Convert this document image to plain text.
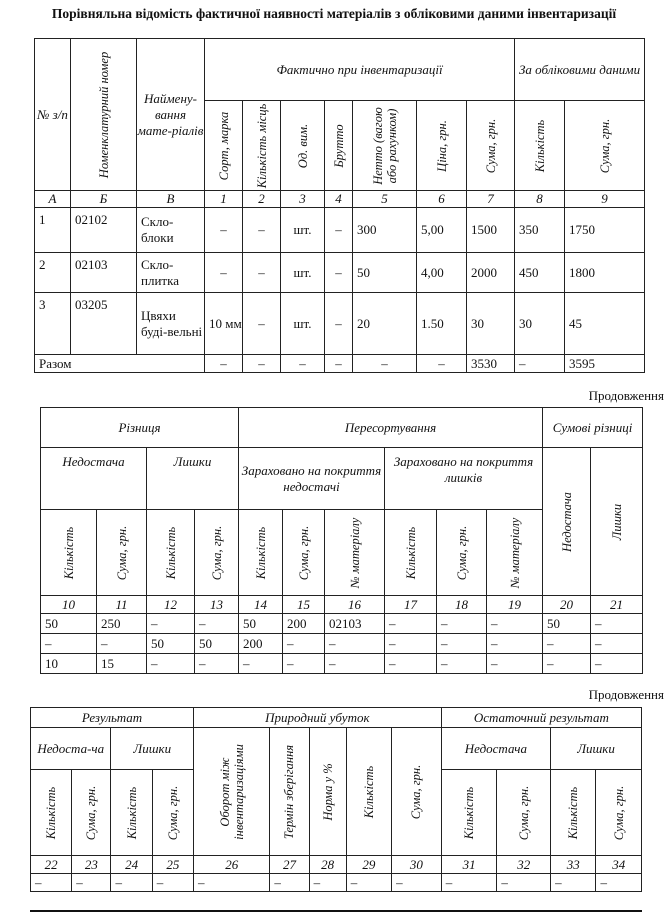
Порівняльна відомість фактичної наявності матеріалів з обліковими даними інвентаризації
№ з/п	Номенклатурний номер	Наймену-вання мате-ріалів	Фактично при інвентаризації							За обліковими даними	

			Сорт, марка	Кількість місць	Од. вим.	Брутто	Нетто (вагою або рахунком)	Ціна, грн.	Сума, грн.	Кількість	Сума, грн.

А	Б	В	1	2	3	4	5	6	7	8	9
1	02102	Скло-блоки	–	–	шт.	–	300	5,00	1500	350	1750
2	02103	Скло-плитка	–	–	шт.	–	50	4,00	2000	450	1800
3	03205	Цвяхи буді-вельні	10 мм	–	шт.	–	20	1.50	30	30	45
Разом			–	–	–	–	–	–	3530	–	3595
Продовження
Різниця				Пересортування						Сумові різниці	
Недостача		Лишки		Зараховано на покриття недостачі			Зараховано на покриття лишків			Недостача	Лишки

Кількість	Сума, грн.	Кількість	Сума, грн.	Кількість	Сума, грн.	№ матеріалу	Кількість	Сума, грн.	№ матеріалу		

10	11	12	13	14	15	16	17	18	19	20	21
50	250	–	–	50	200	02103	–	–	–	50	–
–	–	50	50	200	–	–	–	–	–	–	–
10	15	–	–	–	–	–	–	–	–	–	–
Продовження
Результат				Природний убуток					Остаточний результат			
Недоста-ча		Лишки		Оборот між інвентаризаціями	Термін зберігання	Норма у %	Кількість	Сума, грн.	Недостача		Лишки	

Кількість	Сума, грн.	Кількість	Сума, грн.						Кількість	Сума, грн.	Кількість	Сума, грн.

22	23	24	25	26	27	28	29	30	31	32	33	34
–	–	–	–	–	–	–	–	–	–	–	–	–
